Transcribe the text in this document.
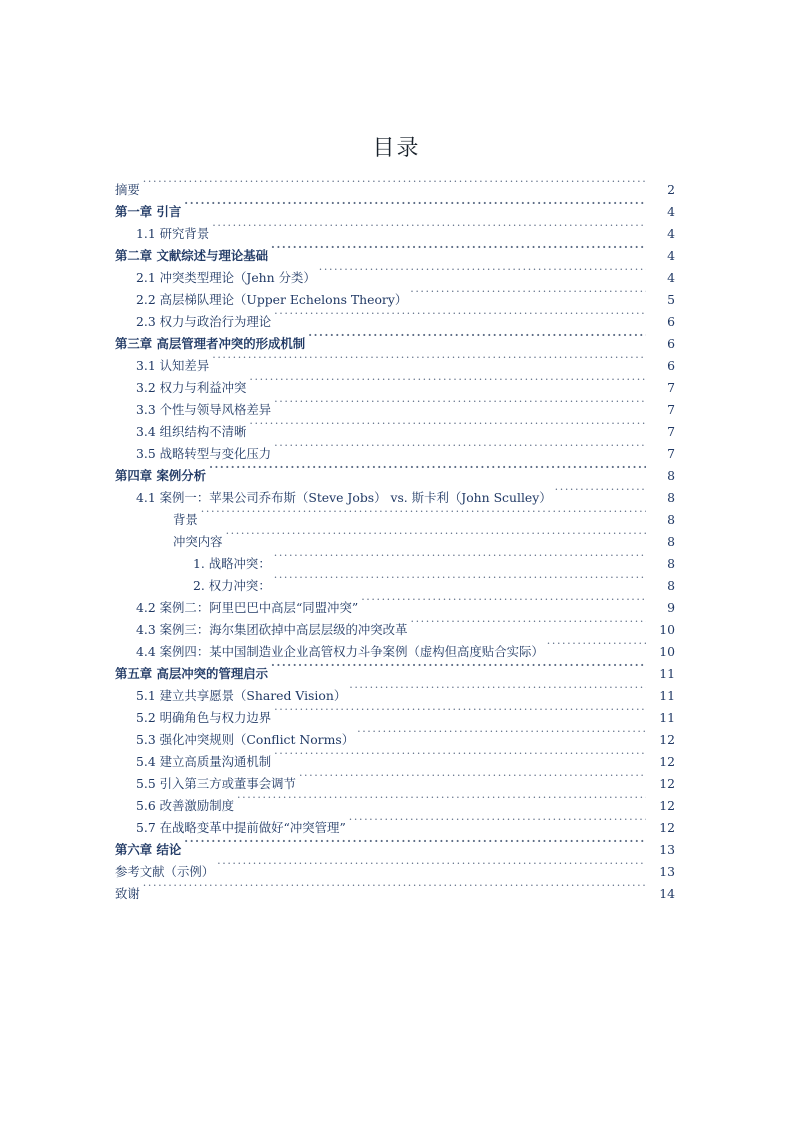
目录
摘要 .....	2
第一章 引言 .....	4
1.1 研究背景 .....	4
第二章 文献综述与理论基础 .....	4
2.1 冲突类型理论（Jehn 分类） .....	4
2.2 高层梯队理论（Upper Echelons Theory） .....	5
2.3 权力与政治行为理论 .....	6
第三章 高层管理者冲突的形成机制 .....	6
3.1 认知差异 .....	6
3.2 权力与利益冲突 .....	7
3.3 个性与领导风格差异 .....	7
3.4 组织结构不清晰 .....	7
3.5 战略转型与变化压力 .....	7
第四章 案例分析 .....	8
4.1 案例一：苹果公司乔布斯（Steve Jobs） vs. 斯卡利（John Sculley） .....	8
背景 .....	8
冲突内容 .....	8
1. 战略冲突： .....	8
2. 权力冲突： .....	8
4.2 案例二：阿里巴巴中高层“同盟冲突” .....	9
4.3 案例三：海尔集团砍掉中高层层级的冲突改革 .....	10
4.4 案例四：某中国制造业企业高管权力斗争案例（虚构但高度贴合实际） .....	10
第五章 高层冲突的管理启示 .....	11
5.1 建立共享愿景（Shared Vision） .....	11
5.2 明确角色与权力边界 .....	11
5.3 强化冲突规则（Conflict Norms） .....	12
5.4 建立高质量沟通机制 .....	12
5.5 引入第三方或董事会调节 .....	12
5.6 改善激励制度 .....	12
5.7 在战略变革中提前做好“冲突管理” .....	12
第六章 结论 .....	13
参考文献（示例） .....	13
致谢 .....	14
